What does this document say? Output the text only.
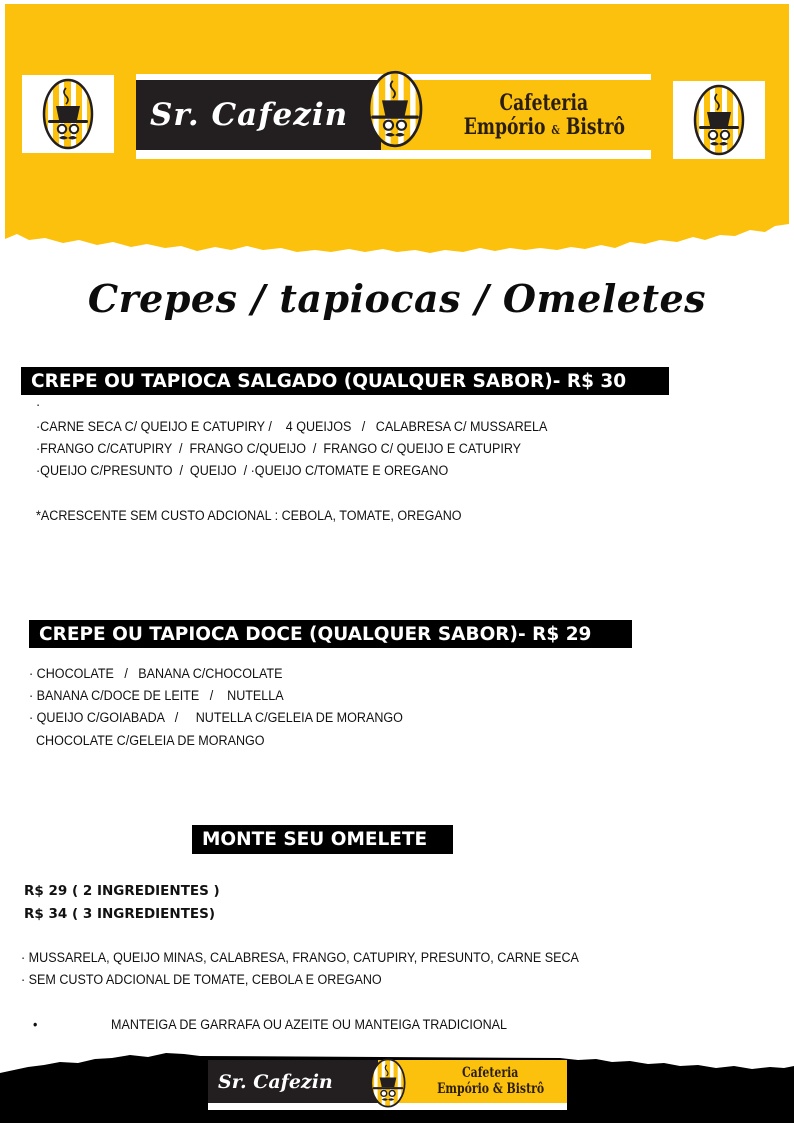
Sr. Cafezin	Cafeteria
Empório & Bistrô
Crepes / tapiocas / Omeletes
CREPE OU TAPIOCA SALGADO (QUALQUER SABOR)- R$ 30
·
·CARNE SECA C/ QUEIJO E CATUPIRY /    4 QUEIJOS   /   CALABRESA C/ MUSSARELA
·FRANGO C/CATUPIRY  /  FRANGO C/QUEIJO  /  FRANGO C/ QUEIJO E CATUPIRY
·QUEIJO C/PRESUNTO  /  QUEIJO  / ·QUEIJO C/TOMATE E OREGANO
*ACRESCENTE SEM CUSTO ADCIONAL : CEBOLA, TOMATE, OREGANO
CREPE OU TAPIOCA DOCE (QUALQUER SABOR)- R$ 29
· CHOCOLATE   /   BANANA C/CHOCOLATE
· BANANA C/DOCE DE LEITE   /    NUTELLA
· QUEIJO C/GOIABADA   /     NUTELLA C/GELEIA DE MORANGO
CHOCOLATE C/GELEIA DE MORANGO
MONTE SEU OMELETE
R$ 29 ( 2 INGREDIENTES )
R$ 34 ( 3 INGREDIENTES)
· MUSSARELA, QUEIJO MINAS, CALABRESA, FRANGO, CATUPIRY, PRESUNTO, CARNE SECA
· SEM CUSTO ADCIONAL DE TOMATE, CEBOLA E OREGANO
•	MANTEIGA DE GARRAFA OU AZEITE OU MANTEIGA TRADICIONAL
Sr. Cafezin	Cafeteria
Empório & Bistrô
